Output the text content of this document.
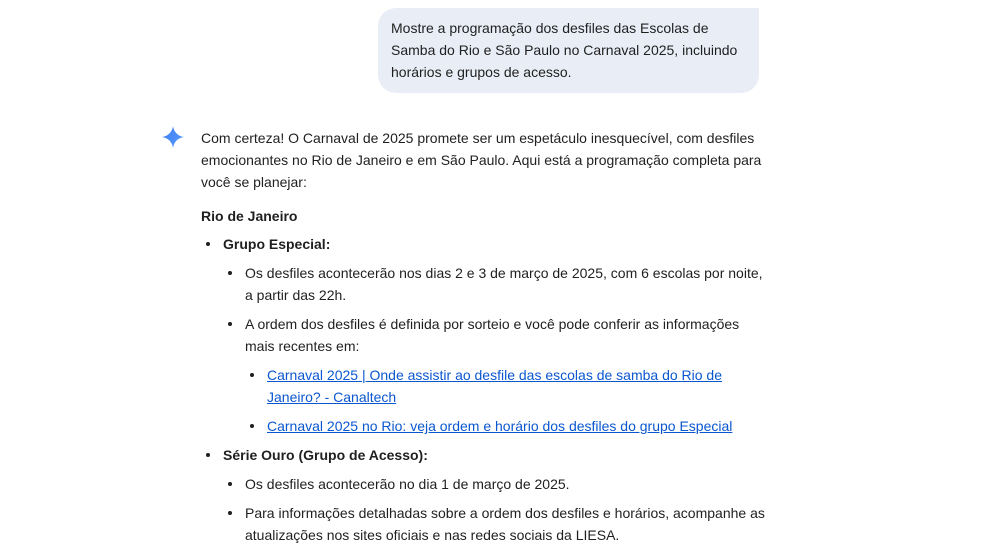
Mostre a programação dos desfiles das Escolas de Samba do Rio e São Paulo no Carnaval 2025, incluindo horários e grupos de acesso.

Com certeza! O Carnaval de 2025 promete ser um espetáculo inesquecível, com desfiles emocionantes no Rio de Janeiro e em São Paulo. Aqui está a programação completa para você se planejar:

Rio de Janeiro

Grupo Especial:
Os desfiles acontecerão nos dias 2 e 3 de março de 2025, com 6 escolas por noite, a partir das 22h.
A ordem dos desfiles é definida por sorteio e você pode conferir as informações mais recentes em:
Carnaval 2025 | Onde assistir ao desfile das escolas de samba do Rio de Janeiro? - Canaltech
Carnaval 2025 no Rio: veja ordem e horário dos desfiles do grupo Especial
Série Ouro (Grupo de Acesso):
Os desfiles acontecerão no dia 1 de março de 2025.
Para informações detalhadas sobre a ordem dos desfiles e horários, acompanhe as atualizações nos sites oficiais e nas redes sociais da LIESA.
